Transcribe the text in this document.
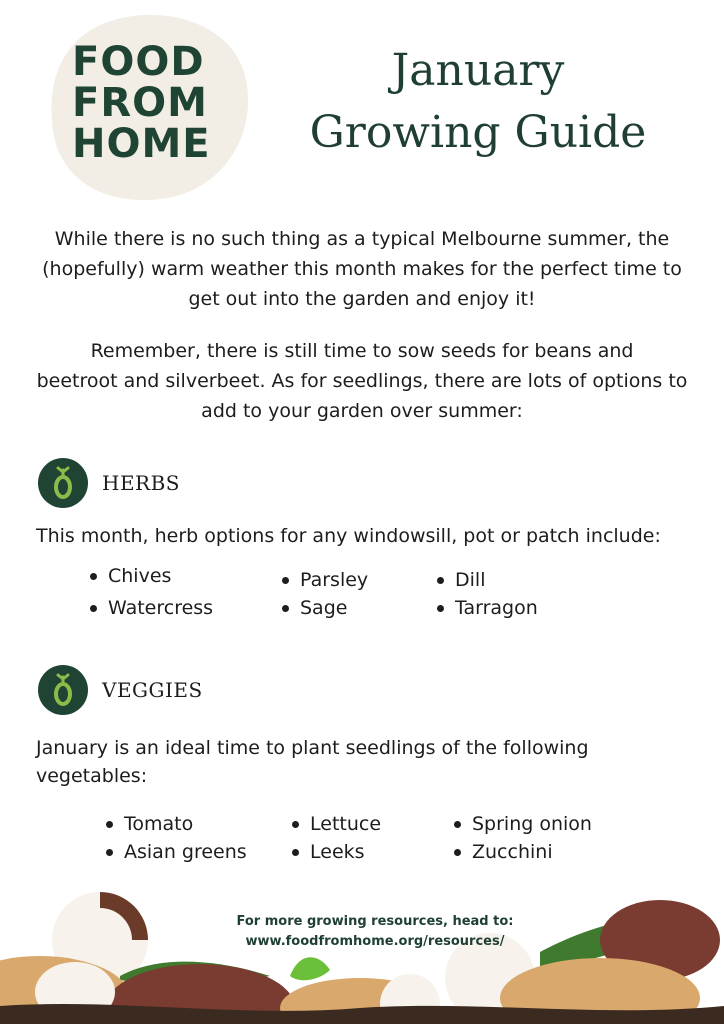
FOOD
FROM
HOME
January
Growing Guide
While there is no such thing as a typical Melbourne summer, the
(hopefully) warm weather this month makes for the perfect time to
get out into the garden and enjoy it!
Remember, there is still time to sow seeds for beans and
beetroot and silverbeet. As for seedlings, there are lots of options to
add to your garden over summer:
HERBS
This month, herb options for any windowsill, pot or patch include:
Chives
Watercress
Parsley
Sage
Dill
Tarragon
VEGGIES
January is an ideal time to plant seedlings of the following
vegetables:
Tomato
Asian greens
Lettuce
Leeks
Spring onion
Zucchini
For more growing resources, head to:
www.foodfromhome.org/resources/
